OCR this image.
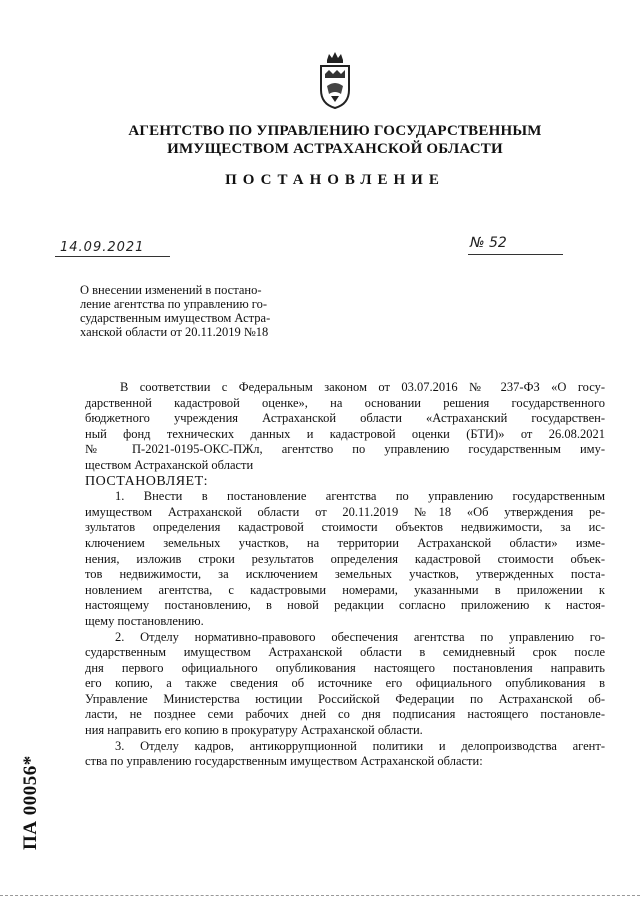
АГЕНТСТВО ПО УПРАВЛЕНИЮ ГОСУДАРСТВЕННЫМ
ИМУЩЕСТВОМ АСТРАХАНСКОЙ ОБЛАСТИ
ПОСТАНОВЛЕНИЕ
14.09.2021	№ 52
О внесении изменений в постано-
ление агентства по управлению го-
сударственным имуществом Астра-
ханской области от 20.11.2019 №18
В соответствии с Федеральным законом от 03.07.2016 № 237-ФЗ «О госу-
дарственной кадастровой оценке», на основании решения государственного
бюджетного учреждения Астраханской области «Астраханский государствен-
ный фонд технических данных и кадастровой оценки (БТИ)» от 26.08.2021
№ П-2021-0195-ОКС-ПЖл, агентство по управлению государственным иму-
ществом Астраханской области
ПОСТАНОВЛЯЕТ:
1. Внести в постановление агентства по управлению государственным
имуществом Астраханской области от 20.11.2019 №18 «Об утверждения ре-
зультатов определения кадастровой стоимости объектов недвижимости, за ис-
ключением земельных участков, на территории Астраханской области» изме-
нения, изложив строки результатов определения кадастровой стоимости объек-
тов недвижимости, за исключением земельных участков, утвержденных поста-
новлением агентства, с кадастровыми номерами, указанными в приложении к
настоящему постановлению, в новой редакции согласно приложению к настоя-
щему постановлению.
2. Отделу нормативно-правового обеспечения агентства по управлению го-
сударственным имуществом Астраханской области в семидневный срок после
дня первого официального опубликования настоящего постановления направить
его копию, а также сведения об источнике его официального опубликования в
Управление Министерства юстиции Российской Федерации по Астраханской об-
ласти, не позднее семи рабочих дней со дня подписания настоящего постановле-
ния направить его копию в прокуратуру Астраханской области.
3. Отделу кадров, антикоррупционной политики и делопроизводства агент-
ства по управлению государственным имуществом Астраханской области:
ПА 00056*
